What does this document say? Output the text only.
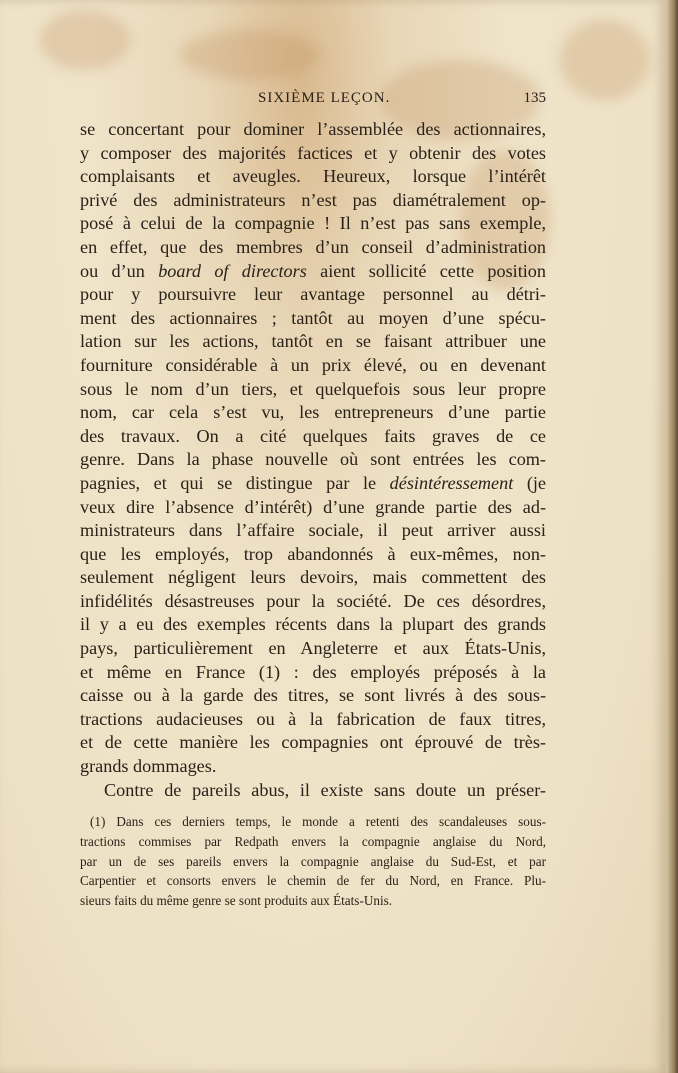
SIXIÈME LEÇON.	135
se concertant pour dominer l’assemblée des actionnaires,
y composer des majorités factices et y obtenir des votes
complaisants et aveugles. Heureux, lorsque l’intérêt
privé des administrateurs n’est pas diamétralement op-
posé à celui de la compagnie ! Il n’est pas sans exemple,
en effet, que des membres d’un conseil d’administration
ou d’un board of directors aient sollicité cette position
pour y poursuivre leur avantage personnel au détri-
ment des actionnaires ; tantôt au moyen d’une spécu-
lation sur les actions, tantôt en se faisant attribuer une
fourniture considérable à un prix élevé, ou en devenant
sous le nom d’un tiers, et quelquefois sous leur propre
nom, car cela s’est vu, les entrepreneurs d’une partie
des travaux. On a cité quelques faits graves de ce
genre. Dans la phase nouvelle où sont entrées les com-
pagnies, et qui se distingue par le désintéressement (je
veux dire l’absence d’intérêt) d’une grande partie des ad-
ministrateurs dans l’affaire sociale, il peut arriver aussi
que les employés, trop abandonnés à eux-mêmes, non-
seulement négligent leurs devoirs, mais commettent des
infidélités désastreuses pour la société. De ces désordres,
il y a eu des exemples récents dans la plupart des grands
pays, particulièrement en Angleterre et aux États-Unis,
et même en France (1) : des employés préposés à la
caisse ou à la garde des titres, se sont livrés à des sous-
tractions audacieuses ou à la fabrication de faux titres,
et de cette manière les compagnies ont éprouvé de très-
grands dommages.
Contre de pareils abus, il existe sans doute un préser-
(1) Dans ces derniers temps, le monde a retenti des scandaleuses sous-
tractions commises par Redpath envers la compagnie anglaise du Nord,
par un de ses pareils envers la compagnie anglaise du Sud-Est, et par
Carpentier et consorts envers le chemin de fer du Nord, en France. Plu-
sieurs faits du même genre se sont produits aux États-Unis.
